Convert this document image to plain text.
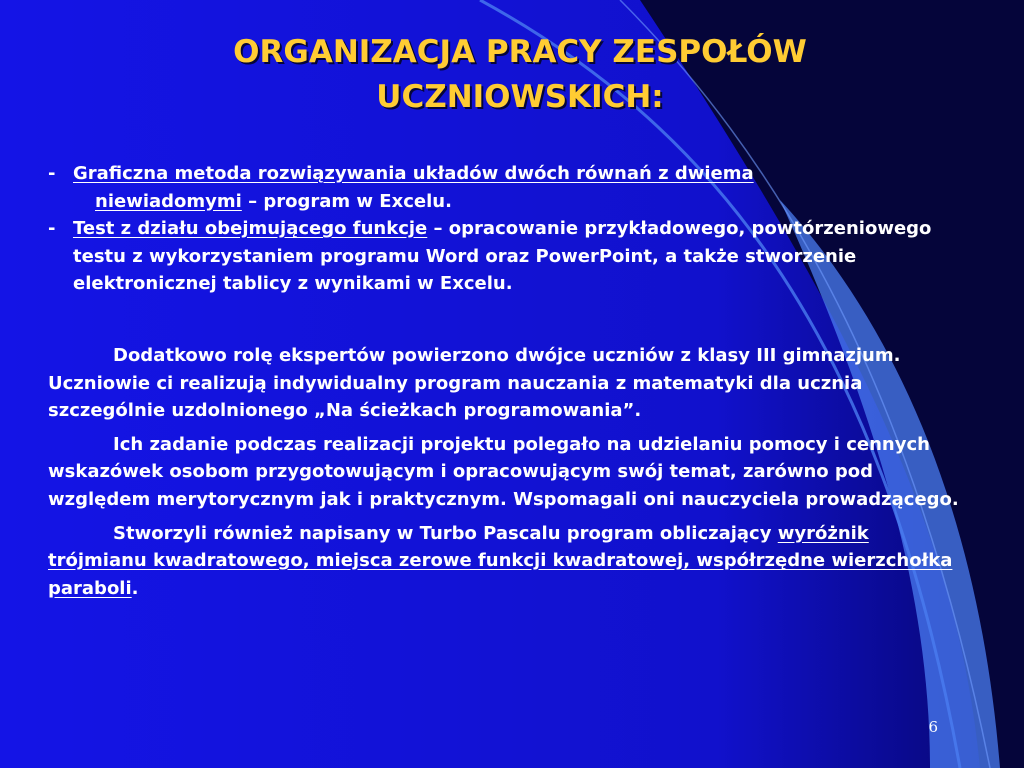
ORGANIZACJA PRACY ZESPOŁÓW
UCZNIOWSKICH:
- Graficzna metoda rozwiązywania układów dwóch równań z dwiema
niewiadomymi – program w Excelu.
- Test z działu obejmującego funkcje – opracowanie przykładowego, powtórzeniowego testu z wykorzystaniem programu Word oraz PowerPoint, a także stworzenie elektronicznej tablicy z wynikami w Excelu.
Dodatkowo rolę ekspertów powierzono dwójce uczniów z klasy III gimnazjum. Uczniowie ci realizują indywidualny program nauczania z matematyki dla ucznia szczególnie uzdolnionego „Na ścieżkach programowania”.
Ich zadanie podczas realizacji projektu polegało na udzielaniu pomocy i cennych wskazówek osobom przygotowującym i opracowującym swój temat, zarówno pod względem merytorycznym jak i praktycznym. Wspomagali oni nauczyciela prowadzącego.
Stworzyli również napisany w Turbo Pascalu program obliczający wyróżnik trójmianu kwadratowego, miejsca zerowe funkcji kwadratowej, współrzędne wierzchołka paraboli.
6
